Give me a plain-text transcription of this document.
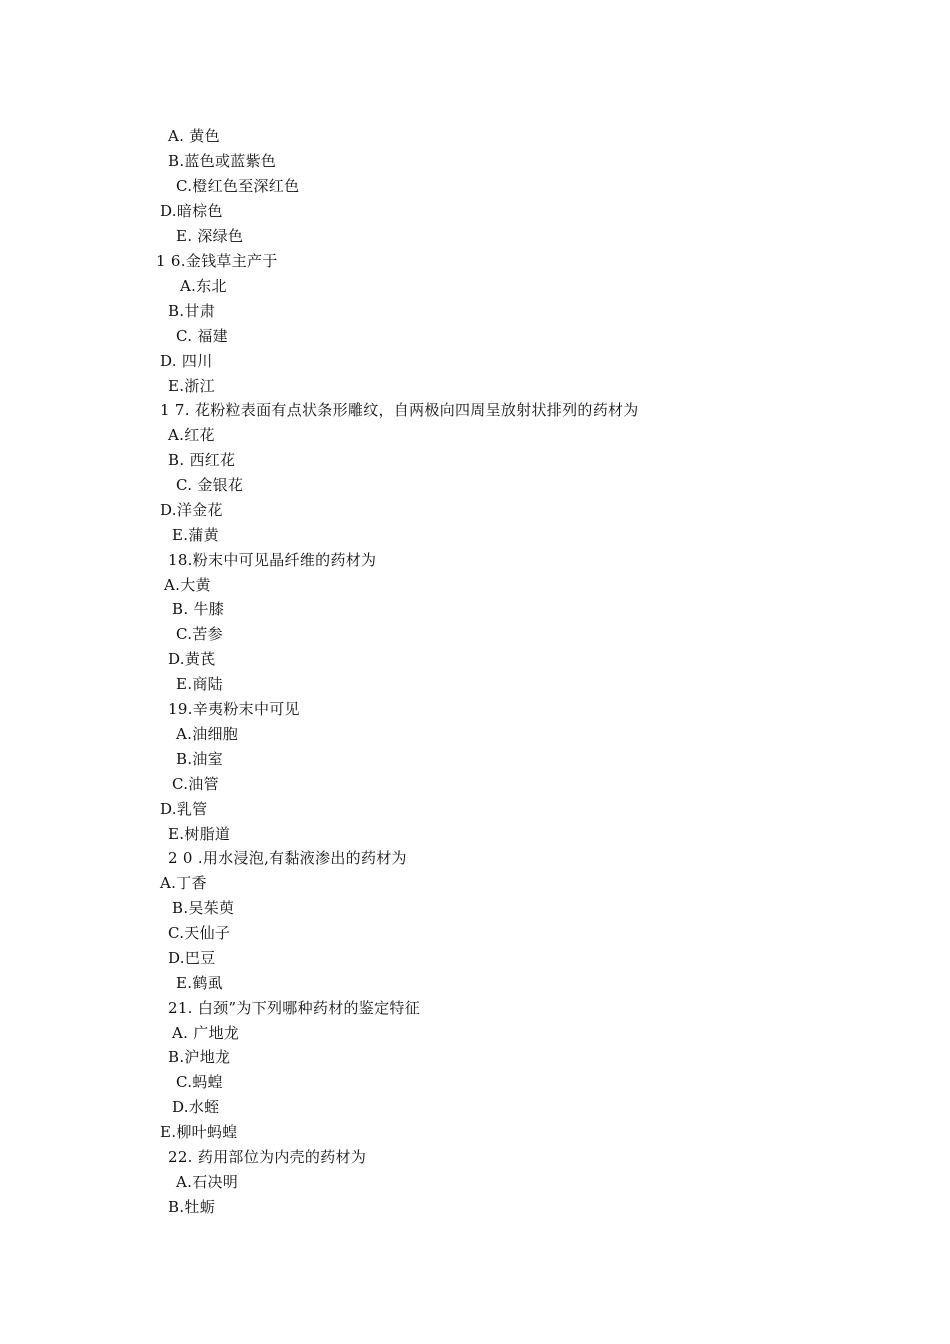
A. 黄色
B.蓝色或蓝紫色
C.橙红色至深红色
D.暗棕色
E. 深绿色
1 6.金钱草主产于
A.东北
B.甘肃
C. 福建
D. 四川
E.浙江
1 7. 花粉粒表面有点状条形雕纹，自两极向四周呈放射状排列的药材为
A.红花
B. 西红花
C. 金银花
D.洋金花
E.蒲黄
18.粉末中可见晶纤维的药材为
A.大黄
B. 牛膝
C.苦参
D.黄芪
E.商陆
19.辛夷粉末中可见
A.油细胞
B.油室
C.油管
D.乳管
E.树脂道
2 0 .用水浸泡,有黏液渗出的药材为
A.丁香
B.吴茱萸
C.天仙子
D.巴豆
E.鹤虱
21. 白颈”为下列哪种药材的鉴定特征
A. 广地龙
B.沪地龙
C.蚂蝗
D.水蛭
E.柳叶蚂蝗
22. 药用部位为内壳的药材为
A.石决明
B.牡蛎
